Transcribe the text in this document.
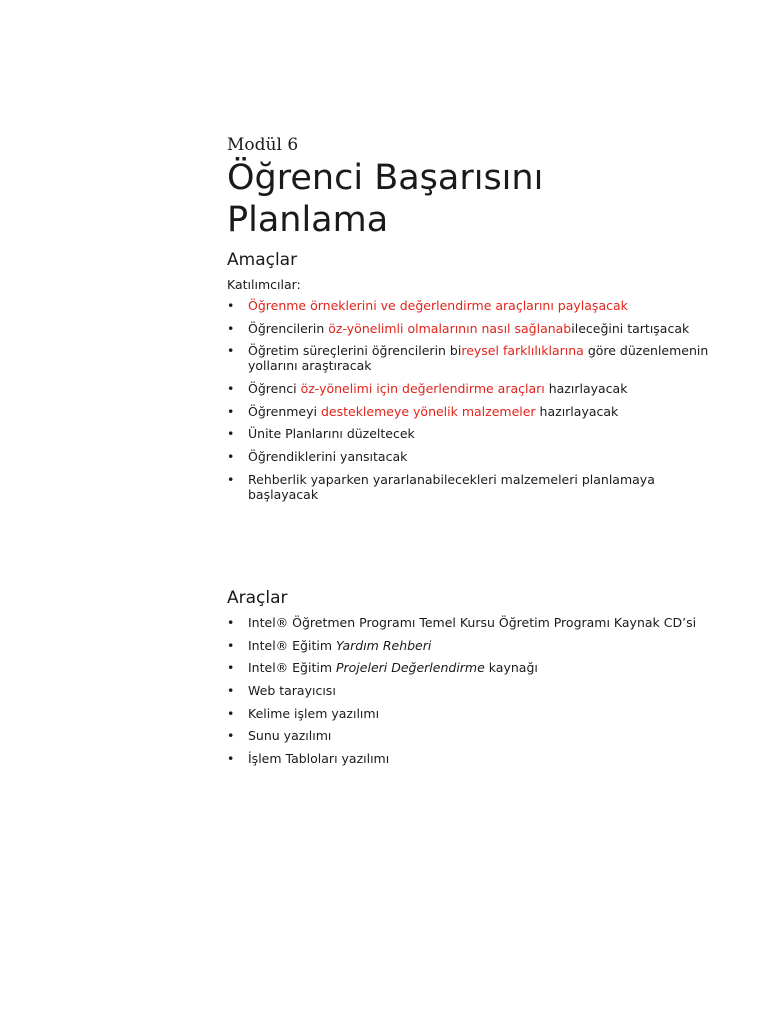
Modül 6

Öğrenci Başarısını
Planlama
Amaçlar

Katılımcılar:

• Öğrenme örneklerini ve değerlendirme araçlarını paylaşacak
• Öğrencilerin öz-yönelimli olmalarının nasıl sağlanabileceğini tartışacak
• Öğretim süreçlerini öğrencilerin bireysel farklılıklarına göre düzenlemenin yollarını araştıracak
• Öğrenci öz-yönelimi için değerlendirme araçları hazırlayacak
• Öğrenmeyi desteklemeye yönelik malzemeler hazırlayacak
• Ünite Planlarını düzeltecek
• Öğrendiklerini yansıtacak
• Rehberlik yaparken yararlanabilecekleri malzemeleri planlamaya başlayacak
Araçlar
• Intel® Öğretmen Programı Temel Kursu Öğretim Programı Kaynak CD’si
• Intel® Eğitim Yardım Rehberi
• Intel® Eğitim Projeleri Değerlendirme kaynağı
• Web tarayıcısı
• Kelime işlem yazılımı
• Sunu yazılımı
• İşlem Tabloları yazılımı
